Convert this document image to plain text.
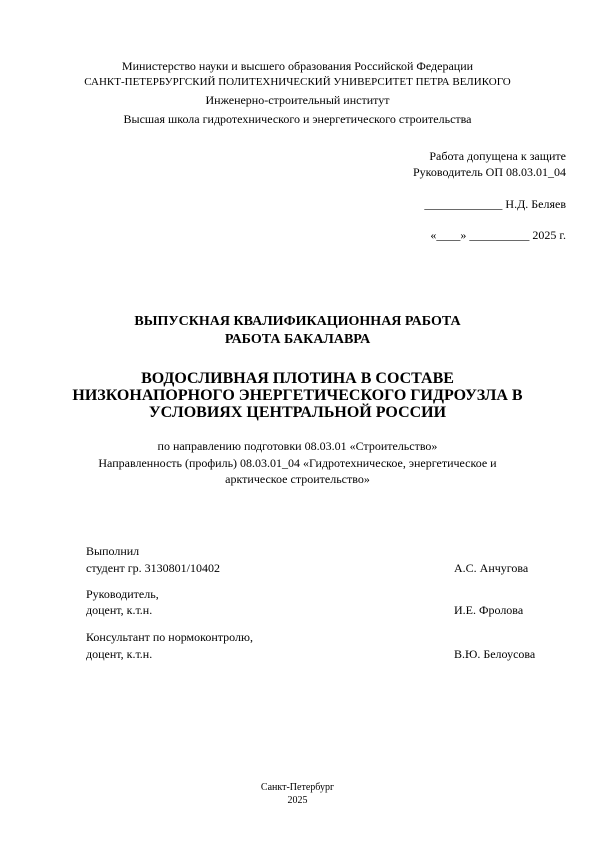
Министерство науки и высшего образования Российской Федерации
САНКТ-ПЕТЕРБУРГСКИЙ ПОЛИТЕХНИЧЕСКИЙ УНИВЕРСИТЕТ ПЕТРА ВЕЛИКОГО
Инженерно-строительный институт
Высшая школа гидротехнического и энергетического строительства
Работа допущена к защите
Руководитель ОП 08.03.01_04
_____________ Н.Д. Беляев
«____» __________ 2025 г.
ВЫПУСКНАЯ КВАЛИФИКАЦИОННАЯ РАБОТА
РАБОТА БАКАЛАВРА
ВОДОСЛИВНАЯ ПЛОТИНА В СОСТАВЕ
НИЗКОНАПОРНОГО ЭНЕРГЕТИЧЕСКОГО ГИДРОУЗЛА В
УСЛОВИЯХ ЦЕНТРАЛЬНОЙ РОССИИ
по направлению подготовки 08.03.01 «Строительство»
Направленность (профиль) 08.03.01_04 «Гидротехническое, энергетическое и
арктическое строительство»
Выполнил
студент гр. 3130801/10402	А.С. Анчугова
Руководитель,
доцент, к.т.н.	И.Е. Фролова
Консультант по нормоконтролю,
доцент, к.т.н.	В.Ю. Белоусова
Санкт-Петербург
2025
